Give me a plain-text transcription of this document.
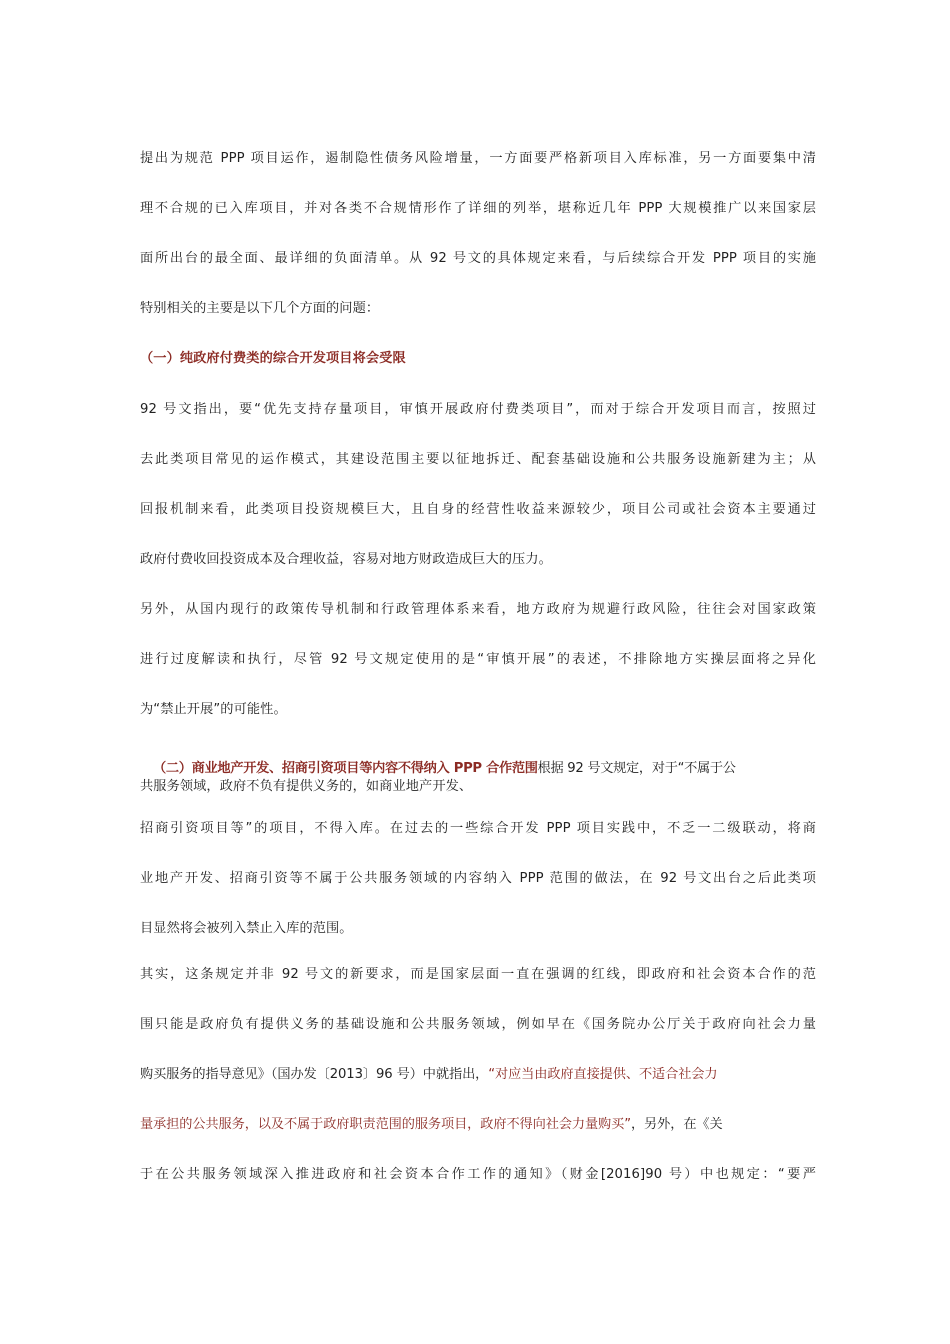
提出为规范 PPP 项目运作，遏制隐性债务风险增量，一方面要严格新项目入库标准，另一方面要集中清
理不合规的已入库项目，并对各类不合规情形作了详细的列举，堪称近几年 PPP 大规模推广以来国家层
面所出台的最全面、最详细的负面清单。从 92 号文的具体规定来看，与后续综合开发 PPP 项目的实施
特别相关的主要是以下几个方面的问题：
（一）纯政府付费类的综合开发项目将会受限
92 号文指出，要“优先支持存量项目，审慎开展政府付费类项目”，而对于综合开发项目而言，按照过
去此类项目常见的运作模式，其建设范围主要以征地拆迁、配套基础设施和公共服务设施新建为主；从
回报机制来看，此类项目投资规模巨大，且自身的经营性收益来源较少，项目公司或社会资本主要通过
政府付费收回投资成本及合理收益，容易对地方财政造成巨大的压力。
另外，从国内现行的政策传导机制和行政管理体系来看，地方政府为规避行政风险，往往会对国家政策
进行过度解读和执行，尽管 92 号文规定使用的是“审慎开展”的表述，不排除地方实操层面将之异化
为“禁止开展”的可能性。
（二）商业地产开发、招商引资项目等内容不得纳入 PPP 合作范围根据 92 号文规定，对于“不属于公
共服务领域，政府不负有提供义务的，如商业地产开发、
招商引资项目等”的项目，不得入库。在过去的一些综合开发 PPP 项目实践中，不乏一二级联动，将商
业地产开发、招商引资等不属于公共服务领域的内容纳入 PPP 范围的做法，在 92 号文出台之后此类项
目显然将会被列入禁止入库的范围。
其实，这条规定并非 92 号文的新要求，而是国家层面一直在强调的红线，即政府和社会资本合作的范
围只能是政府负有提供义务的基础设施和公共服务领域，例如早在《国务院办公厅关于政府向社会力量
购买服务的指导意见》（国办发〔2013〕96 号）中就指出，“对应当由政府直接提供、不适合社会力
量承担的公共服务，以及不属于政府职责范围的服务项目，政府不得向社会力量购买”，另外，在《关
于在公共服务领域深入推进政府和社会资本合作工作的通知》（财金[2016]90 号）中也规定：“要严
